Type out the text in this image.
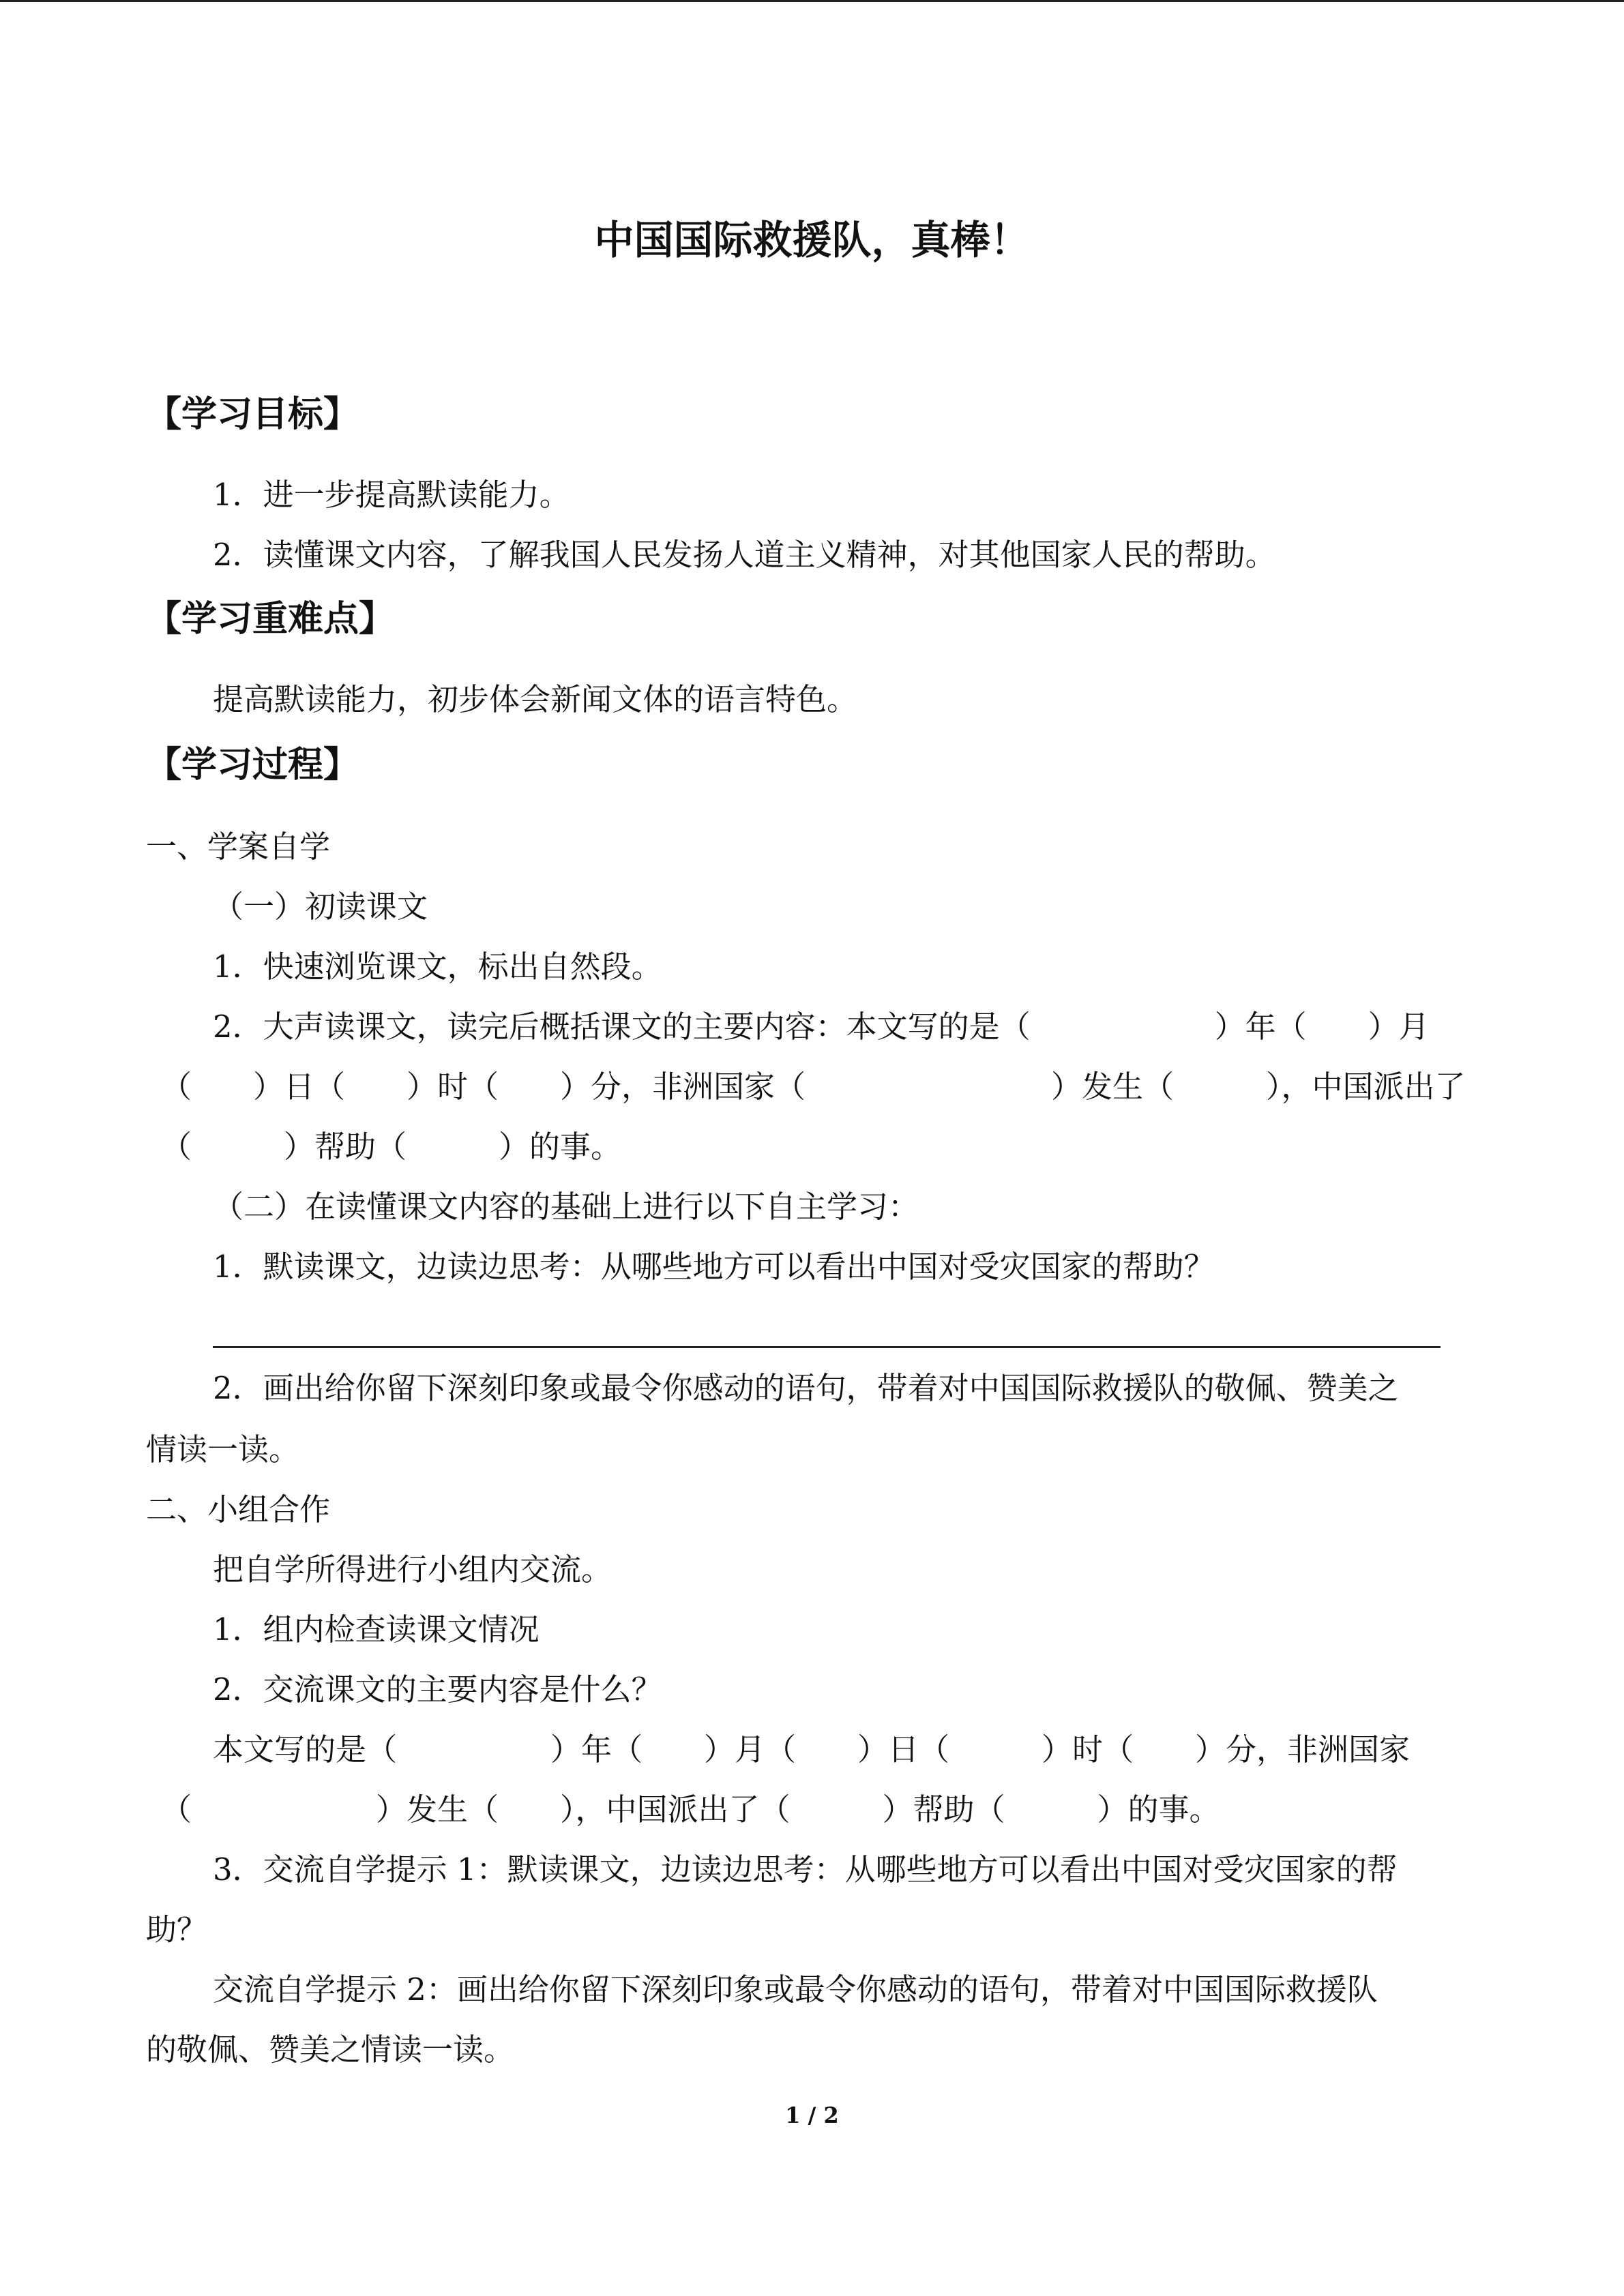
中国国际救援队，真棒！
【学习目标】
1．进一步提高默读能力。
2．读懂课文内容，了解我国人民发扬人道主义精神，对其他国家人民的帮助。
【学习重难点】
提高默读能力，初步体会新闻文体的语言特色。
【学习过程】
一、学案自学
（一）初读课文
1．快速浏览课文，标出自然段。
2．大声读课文，读完后概括课文的主要内容：本文写的是（　　　　　　）年（　　）月
（　　）日（　　）时（　　）分，非洲国家（　　　　　　　　）发生（　　　），中国派出了
（　　　）帮助（　　　）的事。
（二）在读懂课文内容的基础上进行以下自主学习：
1．默读课文，边读边思考：从哪些地方可以看出中国对受灾国家的帮助？
2．画出给你留下深刻印象或最令你感动的语句，带着对中国国际救援队的敬佩、赞美之
情读一读。
二、小组合作
把自学所得进行小组内交流。
1．组内检查读课文情况
2．交流课文的主要内容是什么？
本文写的是（　　　　　）年（　　）月（　　）日（　　　）时（　　）分，非洲国家
（　　　　　　）发生（　　），中国派出了（　　　）帮助（　　　）的事。
3．交流自学提示 1：默读课文，边读边思考：从哪些地方可以看出中国对受灾国家的帮
助？
交流自学提示 2：画出给你留下深刻印象或最令你感动的语句，带着对中国国际救援队
的敬佩、赞美之情读一读。
1 / 2
